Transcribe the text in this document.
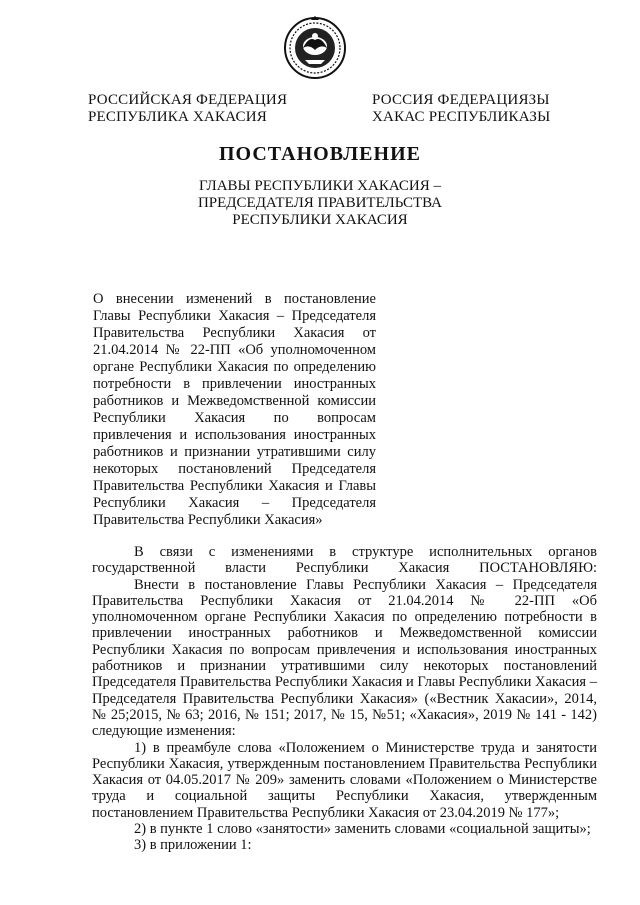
РОССИЙСКАЯ ФЕДЕРАЦИЯ
РЕСПУБЛИКА ХАКАСИЯ
РОССИЯ ФЕДЕРАЦИЯЗЫ
ХАКАС РЕСПУБЛИКАЗЫ
ПОСТАНОВЛЕНИЕ
ГЛАВЫ РЕСПУБЛИКИ ХАКАСИЯ –
ПРЕДСЕДАТЕЛЯ ПРАВИТЕЛЬСТВА
РЕСПУБЛИКИ ХАКАСИЯ
О внесении изменений в постановление Главы Республики Хакасия – Председателя Правительства Республики Хакасия от 21.04.2014 № 22-ПП «Об уполномоченном органе Республики Хакасия по определению потребности в привлечении иностранных работников и Межведомственной комиссии Республики Хакасия по вопросам привлечения и использования иностранных работников и признании утратившими силу некоторых постановлений Председателя Правительства Республики Хакасия и Главы Республики Хакасия – Председателя Правительства Республики Хакасия»

В связи с изменениями в структуре исполнительных органов государственной власти Республики Хакасия ПОСТАНОВЛЯЮ:

Внести в постановление Главы Республики Хакасия – Председателя Правительства Республики Хакасия от 21.04.2014 № 22-ПП «Об уполномоченном органе Республики Хакасия по определению потребности в привлечении иностранных работников и Межведомственной комиссии Республики Хакасия по вопросам привлечения и использования иностранных работников и признании утратившими силу некоторых постановлений Председателя Правительства Республики Хакасия и Главы Республики Хакасия – Председателя Правительства Республики Хакасия» («Вестник Хакасии», 2014, № 25;2015, № 63; 2016, № 151; 2017, № 15, №51; «Хакасия», 2019 № 141 - 142) следующие изменения:

1) в преамбуле слова «Положением о Министерстве труда и занятости Республики Хакасия, утвержденным постановлением Правительства Республики Хакасия от 04.05.2017 № 209» заменить словами «Положением о Министерстве труда и социальной защиты Республики Хакасия, утвержденным постановлением Правительства Республики Хакасия от 23.04.2019 № 177»;

2) в пункте 1 слово «занятости» заменить словами «социальной защиты»;

3) в приложении 1:
